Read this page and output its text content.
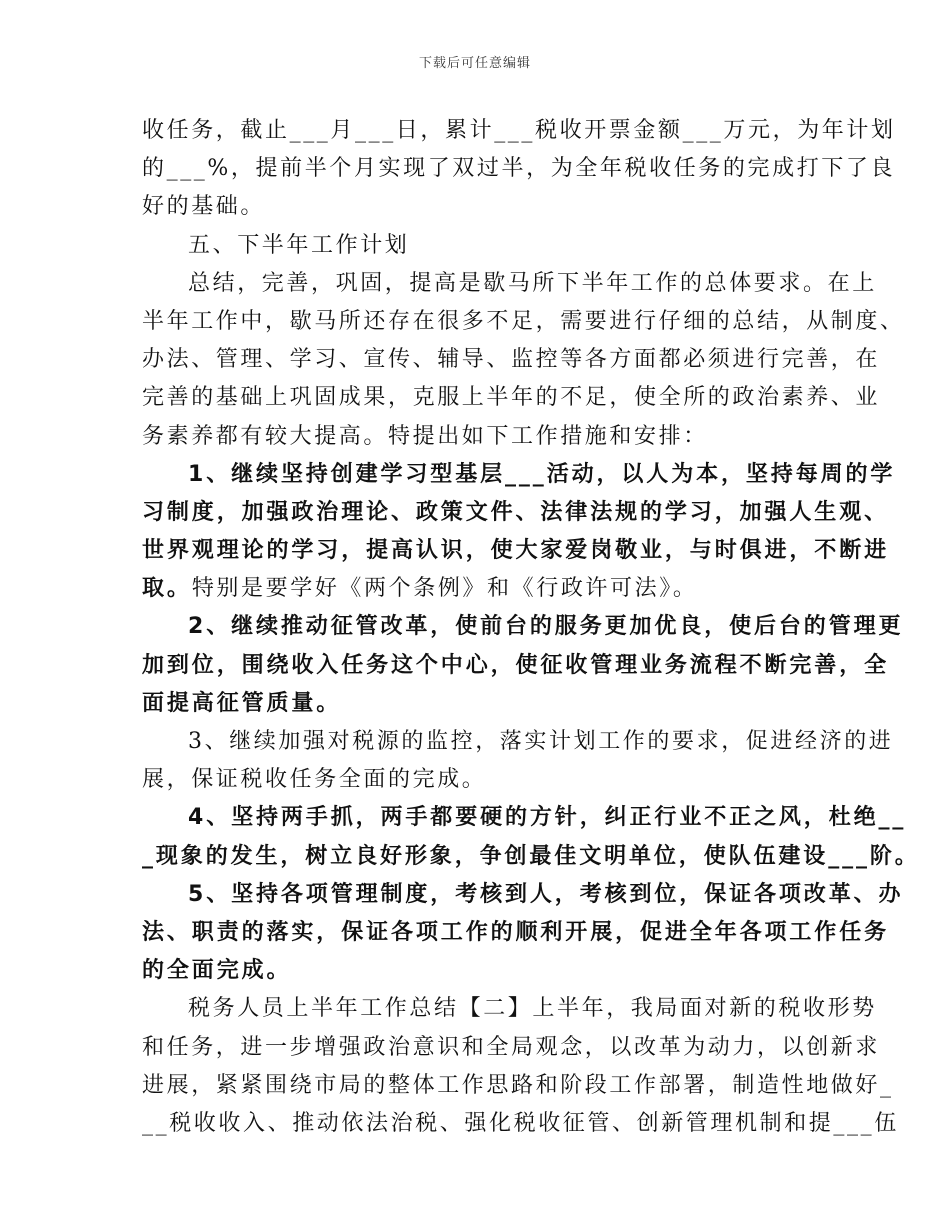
下载后可任意编辑
收任务，截止___月___日，累计___税收开票金额___万元，为年计划
的___%，提前半个月实现了双过半，为全年税收任务的完成打下了良
好的基础。
五、下半年工作计划
总结，完善，巩固，提高是歇马所下半年工作的总体要求。在上
半年工作中，歇马所还存在很多不足，需要进行仔细的总结，从制度、
办法、管理、学习、宣传、辅导、监控等各方面都必须进行完善，在
完善的基础上巩固成果，克服上半年的不足，使全所的政治素养、业
务素养都有较大提高。特提出如下工作措施和安排：
1、继续坚持创建学习型基层___活动，以人为本，坚持每周的学
习制度，加强政治理论、政策文件、法律法规的学习，加强人生观、
世界观理论的学习，提高认识，使大家爱岗敬业，与时俱进，不断进
取。特别是要学好《两个条例》和《行政许可法》。
2、继续推动征管改革，使前台的服务更加优良，使后台的管理更
加到位，围绕收入任务这个中心，使征收管理业务流程不断完善，全
面提高征管质量。
3、继续加强对税源的监控，落实计划工作的要求，促进经济的进
展，保证税收任务全面的完成。
4、坚持两手抓，两手都要硬的方针，纠正行业不正之风，杜绝__
_现象的发生，树立良好形象，争创最佳文明单位，使队伍建设___阶。
5、坚持各项管理制度，考核到人，考核到位，保证各项改革、办
法、职责的落实，保证各项工作的顺利开展，促进全年各项工作任务
的全面完成。
税务人员上半年工作总结【二】上半年，我局面对新的税收形势
和任务，进一步增强政治意识和全局观念，以改革为动力，以创新求
进展，紧紧围绕市局的整体工作思路和阶段工作部署，制造性地做好_
__税收收入、推动依法治税、强化税收征管、创新管理机制和提___伍
